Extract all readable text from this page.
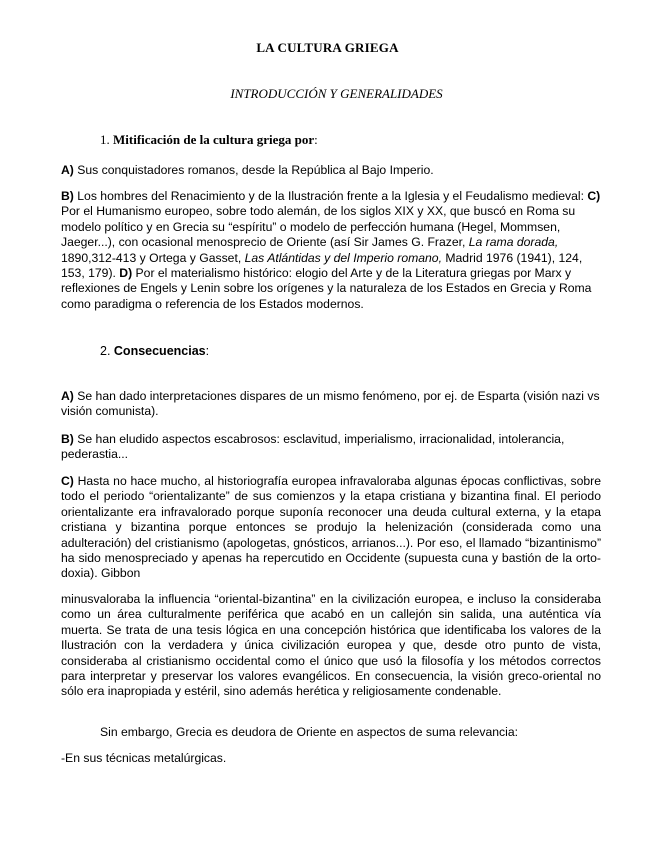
LA CULTURA GRIEGA
INTRODUCCIÓN Y GENERALIDADES
1. Mitificación de la cultura griega por:
A) Sus conquistadores romanos, desde la República al Bajo Imperio.
B) Los hombres del Renacimiento y de la Ilustración frente a la Iglesia y el Feudalismo medieval: C) Por el Humanismo europeo, sobre todo alemán, de los siglos XIX y XX, que buscó en Roma su modelo político y en Grecia su “espíritu” o modelo de perfección humana (Hegel, Mommsen, Jaeger...), con ocasional menosprecio de Oriente (así Sir James G. Frazer, La rama dorada, 1890,312-413 y Ortega y Gasset, Las Atlántidas y del Imperio romano, Madrid 1976 (1941), 124, 153, 179). D) Por el materialismo histórico: elogio del Arte y de la Literatura griegas por Marx y reflexiones de Engels y Lenin sobre los orígenes y la naturaleza de los Estados en Grecia y Roma como paradigma o referencia de los Estados modernos.
2. Consecuencias:
A) Se han dado interpretaciones dispares de un mismo fenómeno, por ej. de Esparta (visión nazi vs visión comunista).
B) Se han eludido aspectos escabrosos: esclavitud, imperialismo, irracionalidad, intolerancia, pederastia...
C) Hasta no hace mucho, al historiografía europea infravaloraba algunas épocas conflictivas, sobre todo el periodo “orientalizante” de sus comienzos y la etapa cristiana y bizantina final. El periodo orientalizante era infravalorado porque suponía reconocer una deuda cultural externa, y la etapa cristiana y bizantina porque entonces se produjo la helenización (considerada como una adulteración) del cristianismo (apologetas, gnósticos, arrianos...). Por eso, el llamado “bizantinismo” ha sido menospreciado y apenas ha repercutido en Occidente (supuesta cuna y bastión de la orto-doxia). Gibbon
minusvaloraba la influencia “oriental-bizantina” en la civilización europea, e incluso la consideraba como un área culturalmente periférica que acabó en un callejón sin salida, una auténtica vía muerta. Se trata de una tesis lógica en una concepción histórica que identificaba los valores de la Ilustración con la verdadera y única civilización europea y que, desde otro punto de vista, consideraba al cristianismo occidental como el único que usó la filosofía y los métodos correctos para interpretar y preservar los valores evangélicos. En consecuencia, la visión greco-oriental no sólo era inapropiada y estéril, sino además herética y religiosamente condenable.
Sin embargo, Grecia es deudora de Oriente en aspectos de suma relevancia:
-En sus técnicas metalúrgicas.
